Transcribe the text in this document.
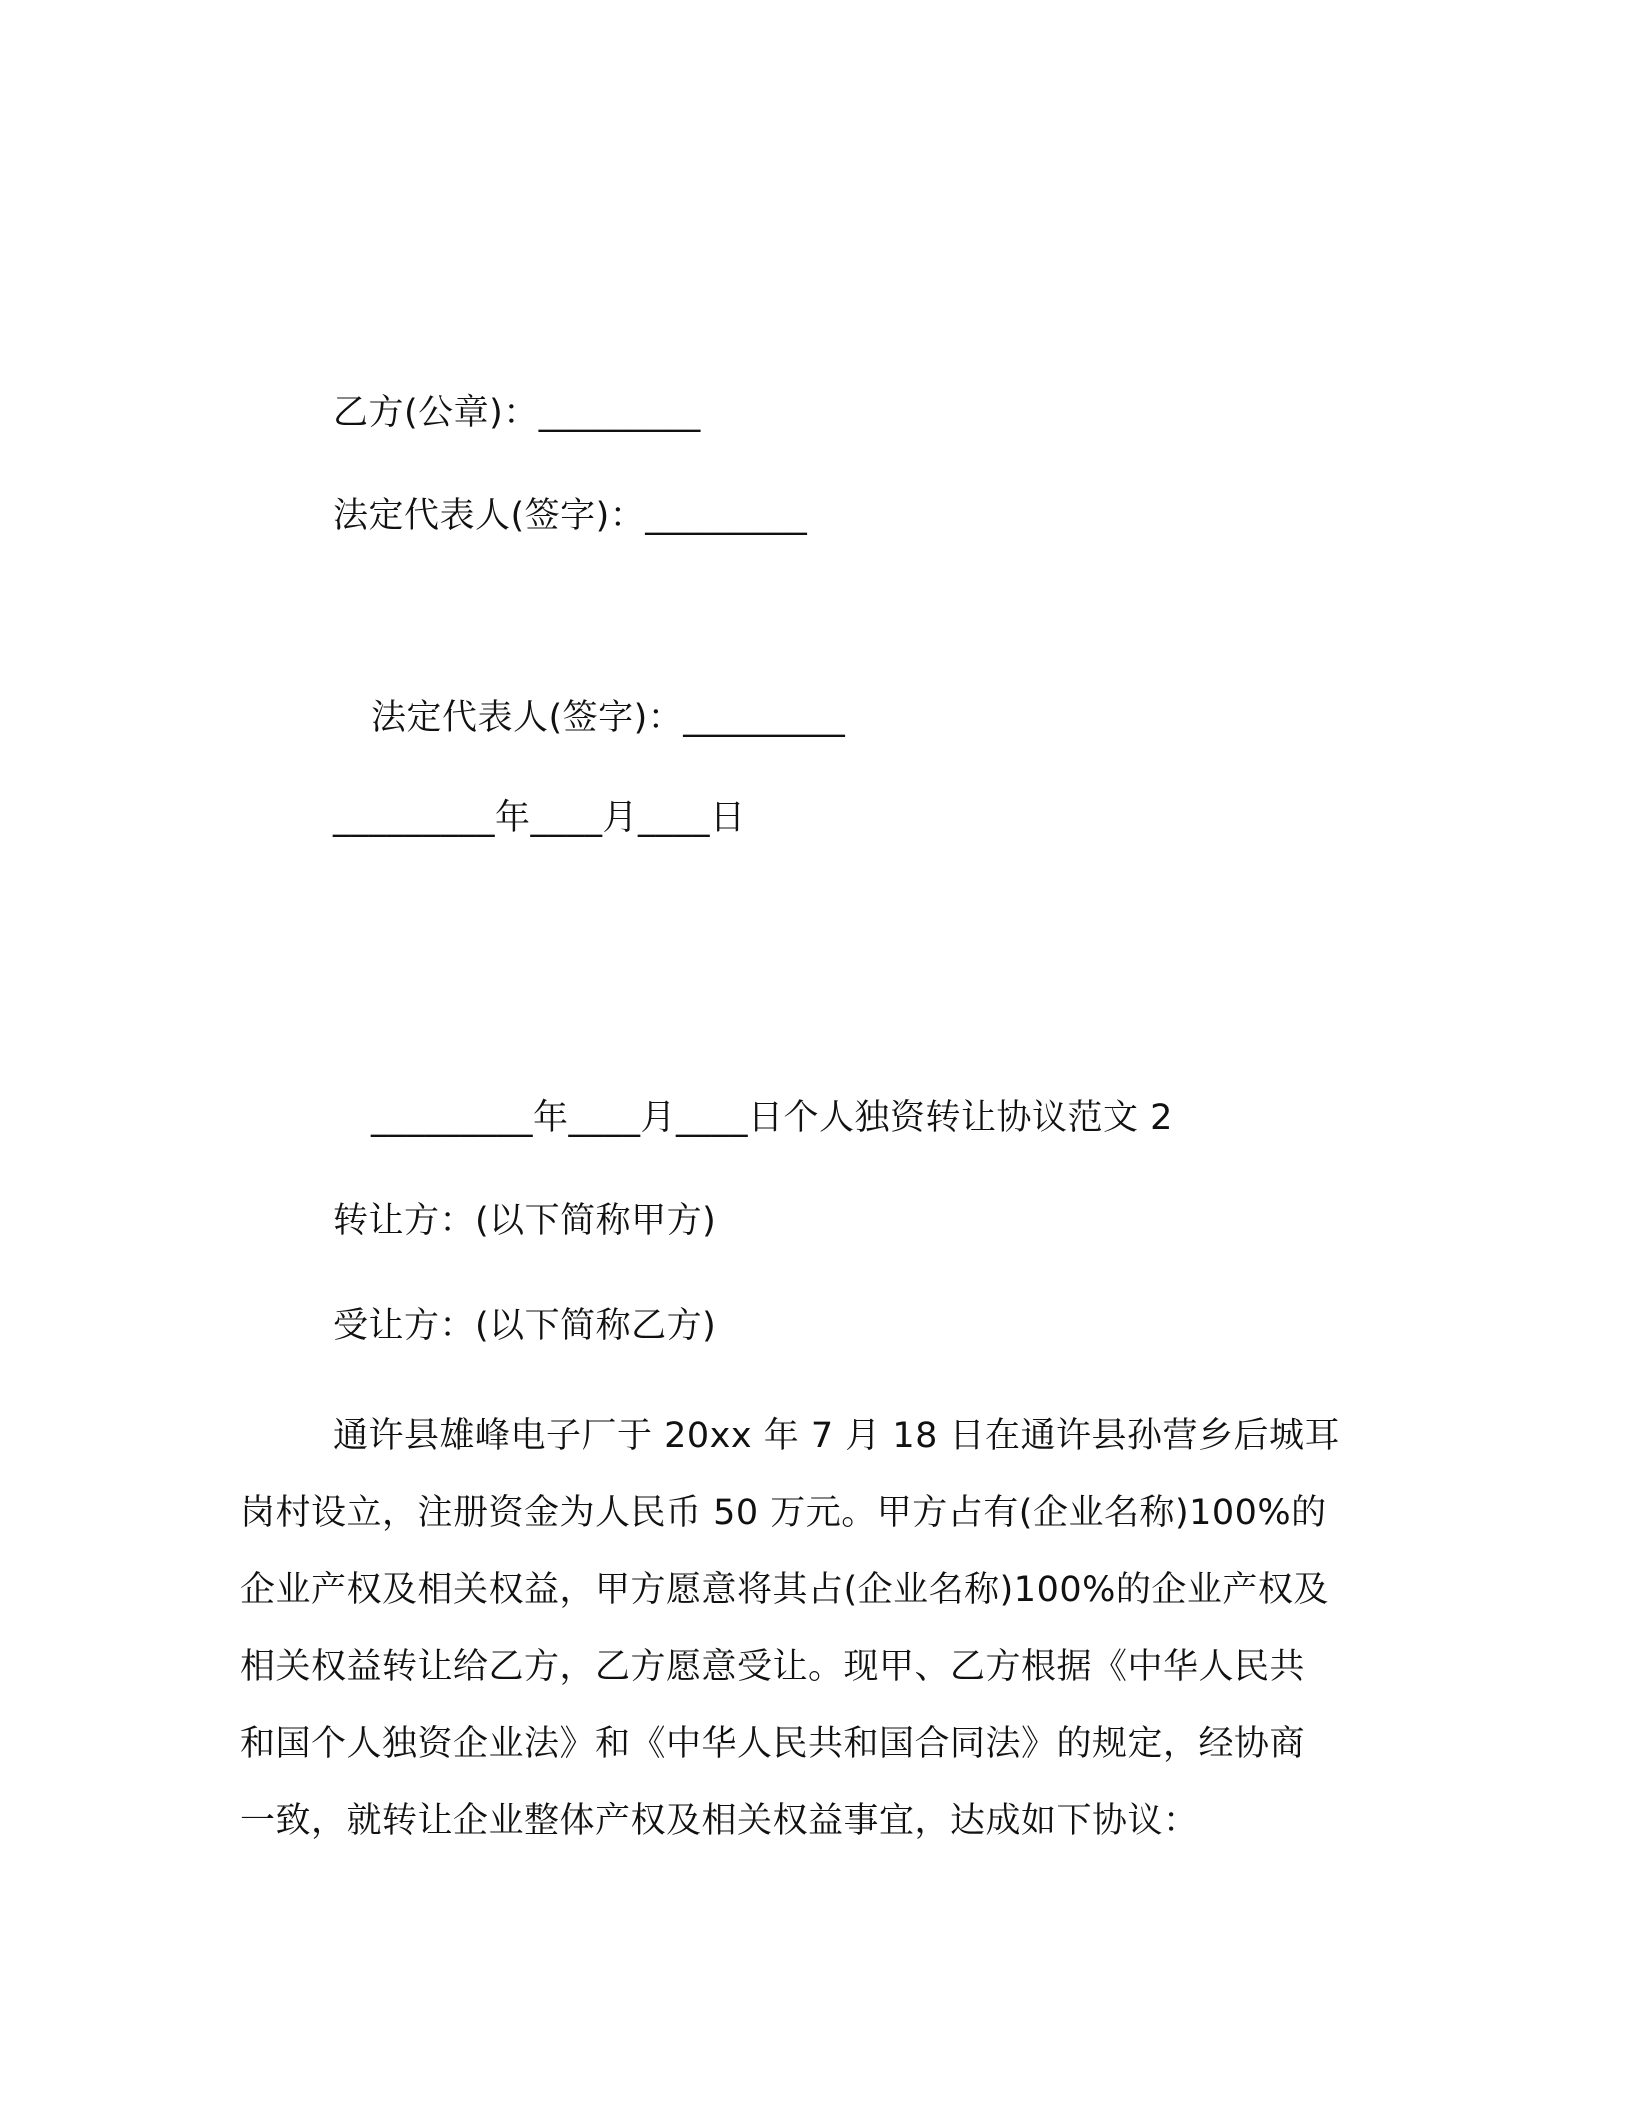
乙方(公章)：_________
法定代表人(签字)：_________
法定代表人(签字)：_________
_________年____月____日
_________年____月____日个人独资转让协议范文 2
转让方：(以下简称甲方)
受让方：(以下简称乙方)
通许县雄峰电子厂于 20xx 年 7 月 18 日在通许县孙营乡后城耳
岗村设立，注册资金为人民币 50 万元。甲方占有(企业名称)100%的
企业产权及相关权益，甲方愿意将其占(企业名称)100%的企业产权及
相关权益转让给乙方，乙方愿意受让。现甲、乙方根据《中华人民共
和国个人独资企业法》和《中华人民共和国合同法》的规定，经协商
一致，就转让企业整体产权及相关权益事宜，达成如下协议：
